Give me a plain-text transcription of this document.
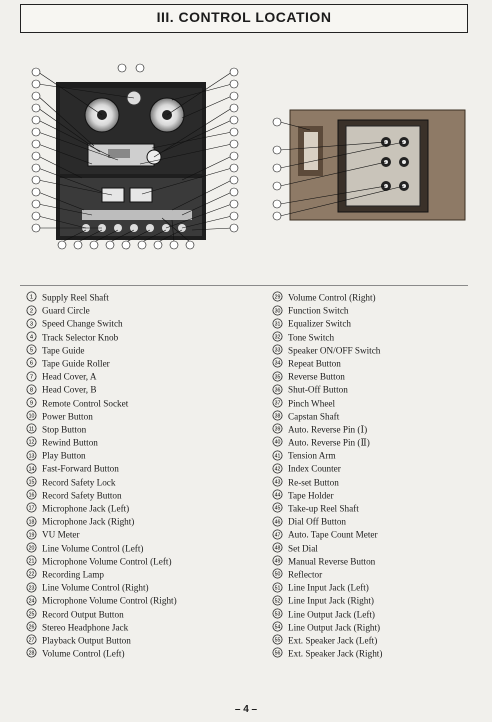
III. CONTROL LOCATION
1 Supply Reel Shaft
2 Guard Circle
3 Speed Change Switch
4 Track Selector Knob
5 Tape Guide
6 Tape Guide Roller
7 Head Cover, A
8 Head Cover, B
9 Remote Control Socket
10 Power Button
11 Stop Button
12 Rewind Button
13 Play Button
14 Fast-Forward Button
15 Record Safety Lock
16 Record Safety Button
17 Microphone Jack (Left)
18 Microphone Jack (Right)
19 VU Meter
20 Line Volume Control (Left)
21 Microphone Volume Control (Left)
22 Recording Lamp
23 Line Volume Control (Right)
24 Microphone Volume Control (Right)
25 Record Output Button
26 Stereo Headphone Jack
27 Playback Output Button
28 Volume Control (Left)
29 Volume Control (Right)
30 Function Switch
31 Equalizer Switch
32 Tone Switch
33 Speaker ON/OFF Switch
34 Repeat Button
35 Reverse Button
36 Shut-Off Button
37 Pinch Wheel
38 Capstan Shaft
39 Auto. Reverse Pin (Ⅰ)
40 Auto. Reverse Pin (Ⅱ)
41 Tension Arm
42 Index Counter
43 Re-set Button
44 Tape Holder
45 Take-up Reel Shaft
46 Dial Off Button
47 Auto. Tape Count Meter
48 Set Dial
49 Manual Reverse Button
50 Reflector
51 Line Input Jack (Left)
52 Line Input Jack (Right)
53 Line Output Jack (Left)
54 Line Output Jack (Right)
55 Ext. Speaker Jack (Left)
56 Ext. Speaker Jack (Right)
– 4 –
